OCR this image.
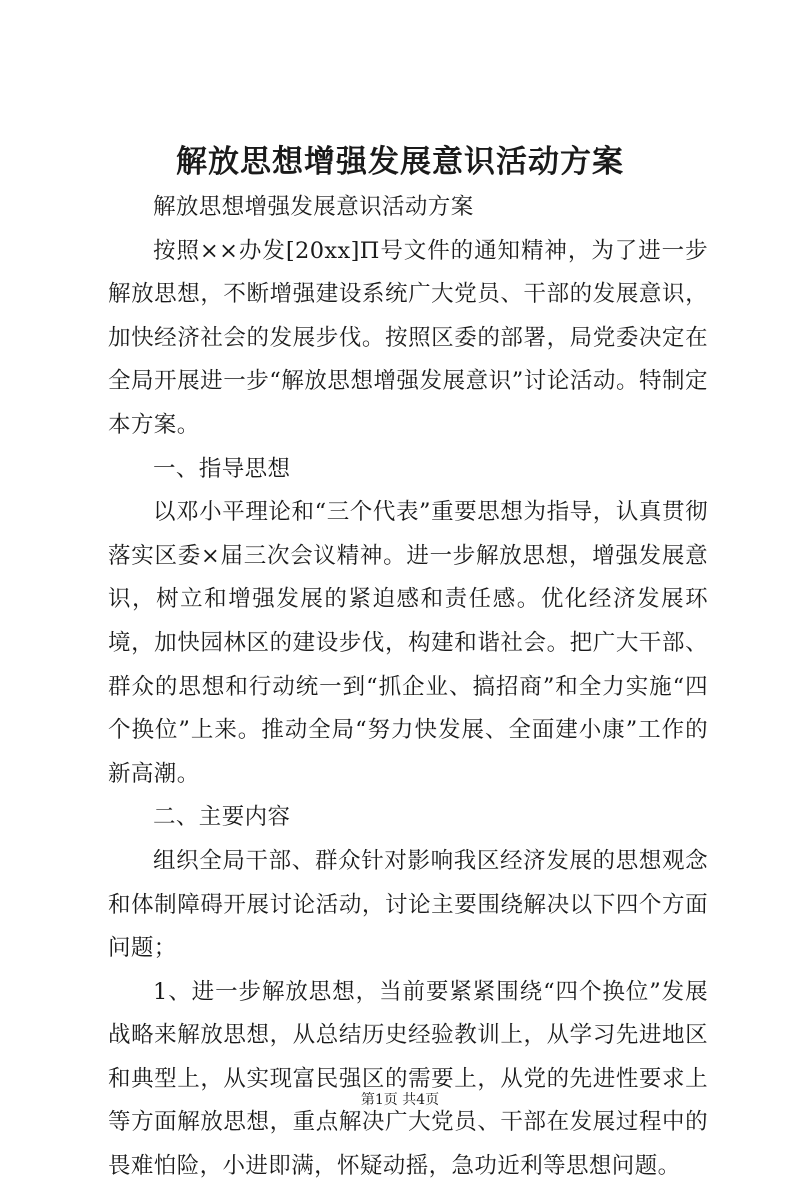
解放思想增强发展意识活动方案

解放思想增强发展意识活动方案

按照××办发[20xx]Π号文件的通知精神，为了进一步解放思想，不断增强建设系统广大党员、干部的发展意识，加快经济社会的发展步伐。按照区委的部署，局党委决定在全局开展进一步“解放思想增强发展意识”讨论活动。特制定本方案。

一、指导思想

以邓小平理论和“三个代表”重要思想为指导，认真贯彻落实区委×届三次会议精神。进一步解放思想，增强发展意识，树立和增强发展的紧迫感和责任感。优化经济发展环境，加快园林区的建设步伐，构建和谐社会。把广大干部、群众的思想和行动统一到“抓企业、搞招商”和全力实施“四个换位”上来。推动全局“努力快发展、全面建小康”工作的新高潮。

二、主要内容

组织全局干部、群众针对影响我区经济发展的思想观念和体制障碍开展讨论活动，讨论主要围绕解决以下四个方面问题；

1、进一步解放思想，当前要紧紧围绕“四个换位”发展战略来解放思想，从总结历史经验教训上，从学习先进地区和典型上，从实现富民强区的需要上，从党的先进性要求上等方面解放思想，重点解决广大党员、干部在发展过程中的畏难怕险，小进即满，怀疑动摇，急功近利等思想问题。

第1页 共4页
